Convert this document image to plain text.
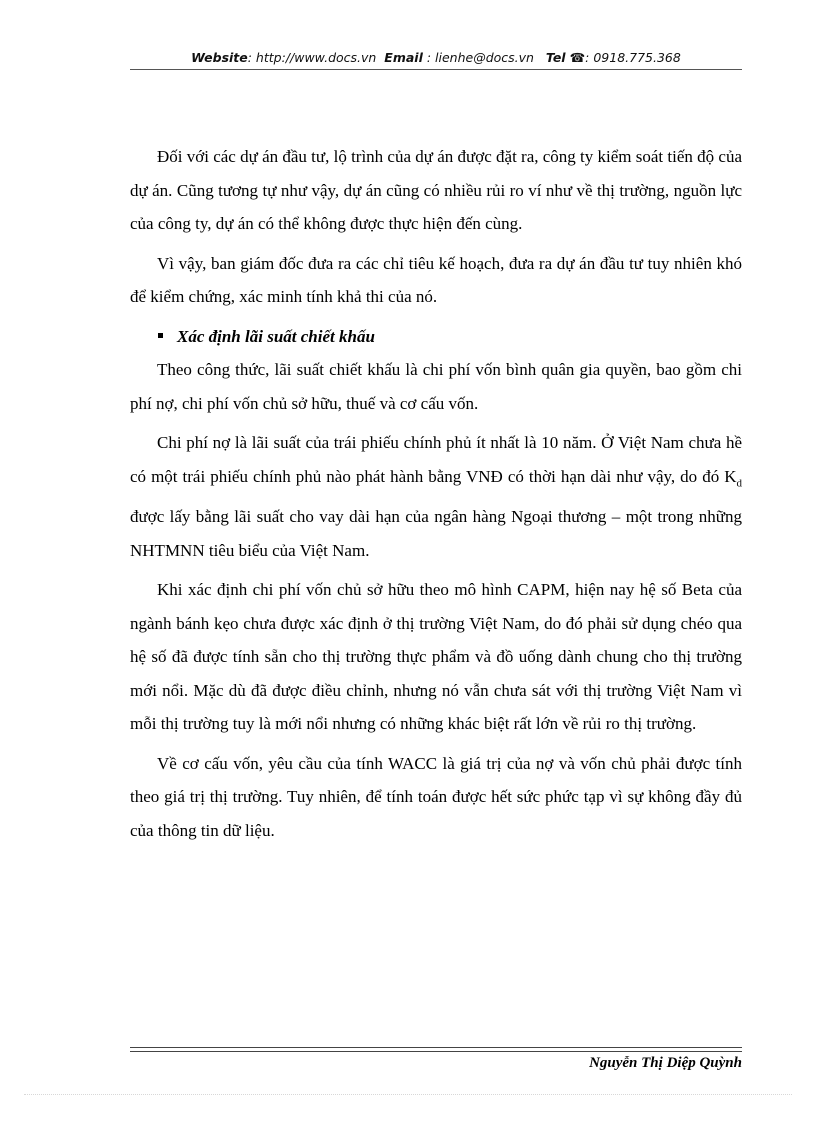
Website: http://www.docs.vn Email : lienhe@docs.vn Tel ☎: 0918.775.368

Đối với các dự án đầu tư, lộ trình của dự án được đặt ra, công ty kiểm soát tiến độ của dự án. Cũng tương tự như vậy, dự án cũng có nhiều rủi ro ví như về thị trường, nguồn lực của công ty, dự án có thể không được thực hiện đến cùng.

Vì vậy, ban giám đốc đưa ra các chỉ tiêu kế hoạch, đưa ra dự án đầu tư tuy nhiên khó để kiểm chứng, xác minh tính khả thi của nó.

Xác định lãi suất chiết khấu

Theo công thức, lãi suất chiết khấu là chi phí vốn bình quân gia quyền, bao gồm chi phí nợ, chi phí vốn chủ sở hữu, thuế và cơ cấu vốn.

Chi phí nợ là lãi suất của trái phiếu chính phủ ít nhất là 10 năm. Ở Việt Nam chưa hề có một trái phiếu chính phủ nào phát hành bằng VNĐ có thời hạn dài như vậy, do đó $K_d$ được lấy bằng lãi suất cho vay dài hạn của ngân hàng Ngoại thương – một trong những NHTMNN tiêu biểu của Việt Nam.

Khi xác định chi phí vốn chủ sở hữu theo mô hình CAPM, hiện nay hệ số Beta của ngành bánh kẹo chưa được xác định ở thị trường Việt Nam, do đó phải sử dụng chéo qua hệ số đã được tính sẵn cho thị trường thực phẩm và đồ uống dành chung cho thị trường mới nổi. Mặc dù đã được điều chỉnh, nhưng nó vẫn chưa sát với thị trường Việt Nam vì mỗi thị trường tuy là mới nổi nhưng có những khác biệt rất lớn về rủi ro thị trường.

Về cơ cấu vốn, yêu cầu của tính WACC là giá trị của nợ và vốn chủ phải được tính theo giá trị thị trường. Tuy nhiên, để tính toán được hết sức phức tạp vì sự không đầy đủ của thông tin dữ liệu.

Nguyễn Thị Diệp Quỳnh
